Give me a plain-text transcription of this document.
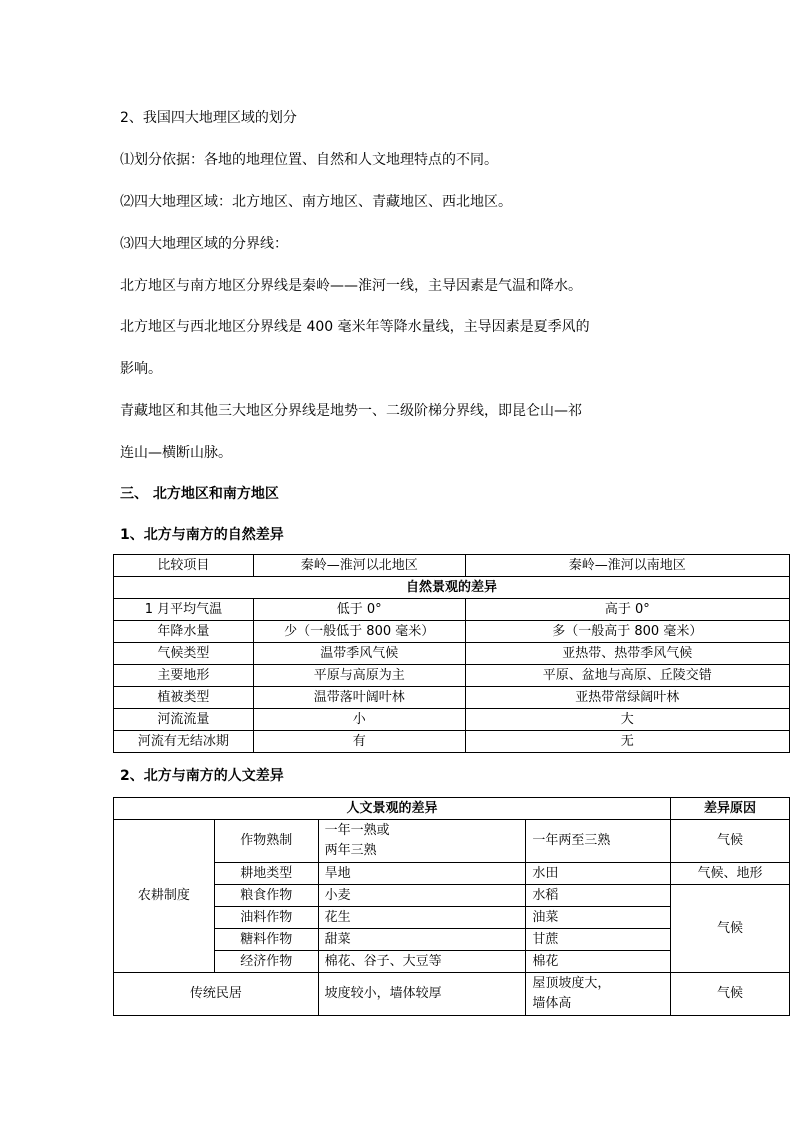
2、我国四大地理区域的划分
⑴划分依据：各地的地理位置、自然和人文地理特点的不同。
⑵四大地理区域：北方地区、南方地区、青藏地区、西北地区。
⑶四大地理区域的分界线：
北方地区与南方地区分界线是秦岭——淮河一线，主导因素是气温和降水。
北方地区与西北地区分界线是 400 毫米年等降水量线，主导因素是夏季风的
影响。
青藏地区和其他三大地区分界线是地势一、二级阶梯分界线，即昆仑山—祁
连山—横断山脉。
三、 北方地区和南方地区
1、北方与南方的自然差异
比较项目	秦岭—淮河以北地区	秦岭—淮河以南地区
自然景观的差异		
1 月平均气温	低于 0°	高于 0°
年降水量	少（一般低于 800 毫米）	多（一般高于 800 毫米）
气候类型	温带季风气候	亚热带、热带季风气候
主要地形	平原与高原为主	平原、盆地与高原、丘陵交错
植被类型	温带落叶阔叶林	亚热带常绿阔叶林
河流流量	小	大
河流有无结冰期	有	无
2、北方与南方的人文差异
人文景观的差异				差异原因
农耕制度	作物熟制	一年一熟或
两年三熟	一年两至三熟	气候
	耕地类型	旱地	水田	气候、地形
	粮食作物	小麦	水稻	气候
	油料作物	花生	油菜	
	糖料作物	甜菜	甘蔗	
	经济作物	棉花、谷子、大豆等	棉花	
传统民居		坡度较小，墙体较厚	屋顶坡度大，
墙体高	气候
